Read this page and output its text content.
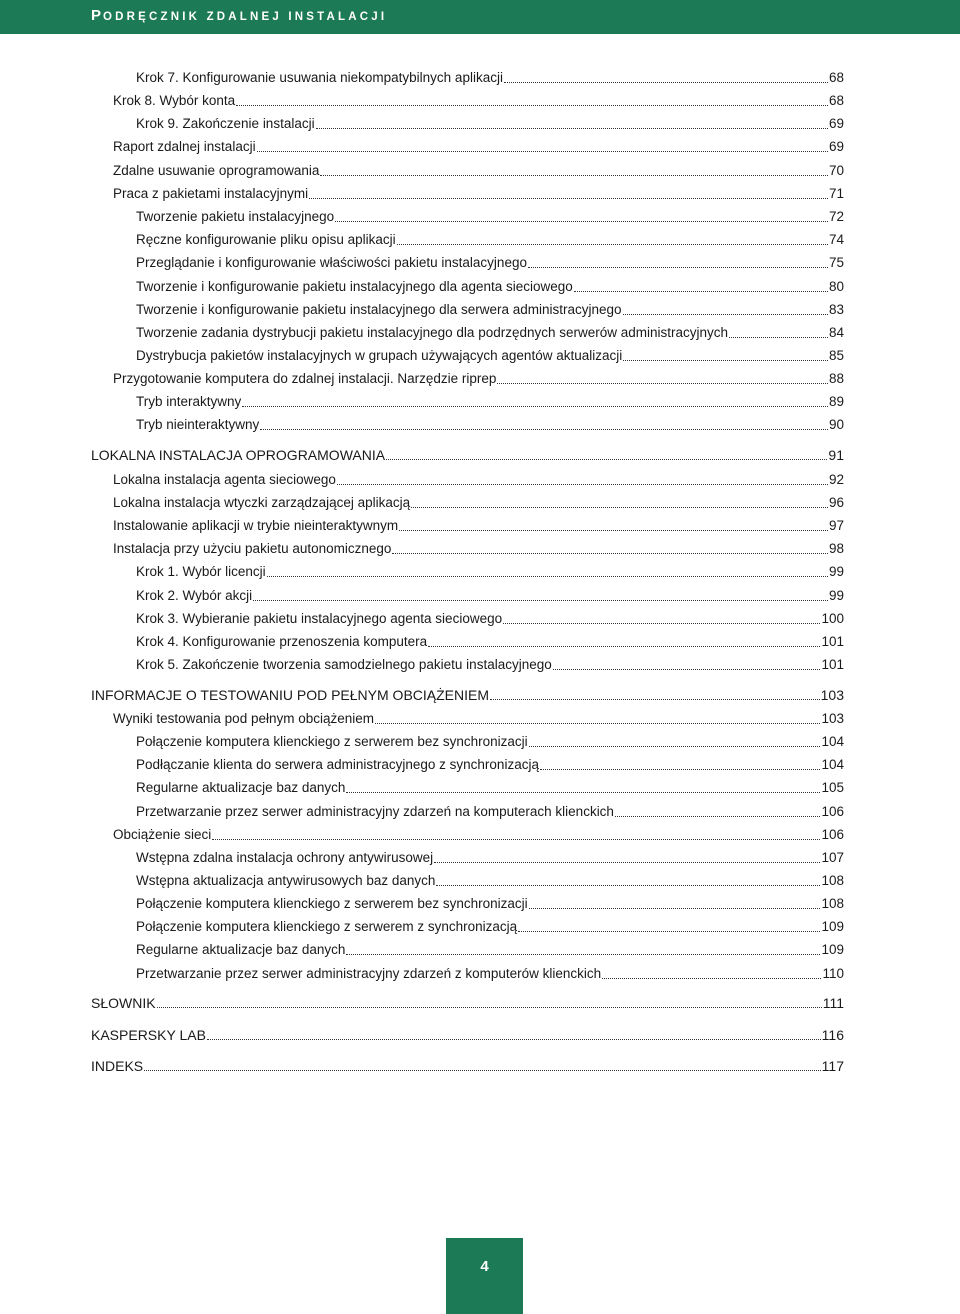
PODRĘCZNIK ZDALNEJ INSTALACJI
Krok 7. Konfigurowanie usuwania niekompatybilnych aplikacji	68
Krok 8. Wybór konta	68
Krok 9. Zakończenie instalacji	69
Raport zdalnej instalacji	69
Zdalne usuwanie oprogramowania	70
Praca z pakietami instalacyjnymi	71
Tworzenie pakietu instalacyjnego	72
Ręczne konfigurowanie pliku opisu aplikacji	74
Przeglądanie i konfigurowanie właściwości pakietu instalacyjnego	75
Tworzenie i konfigurowanie pakietu instalacyjnego dla agenta sieciowego	80
Tworzenie i konfigurowanie pakietu instalacyjnego dla serwera administracyjnego	83
Tworzenie zadania dystrybucji pakietu instalacyjnego dla podrzędnych serwerów administracyjnych	84
Dystrybucja pakietów instalacyjnych w grupach używających agentów aktualizacji	85
Przygotowanie komputera do zdalnej instalacji. Narzędzie riprep	88
Tryb interaktywny	89
Tryb nieinteraktywny	90
LOKALNA INSTALACJA OPROGRAMOWANIA	91
Lokalna instalacja agenta sieciowego	92
Lokalna instalacja wtyczki zarządzającej aplikacją	96
Instalowanie aplikacji w trybie nieinteraktywnym	97
Instalacja przy użyciu pakietu autonomicznego	98
Krok 1. Wybór licencji	99
Krok 2. Wybór akcji	99
Krok 3. Wybieranie pakietu instalacyjnego agenta sieciowego	100
Krok 4. Konfigurowanie przenoszenia komputera	101
Krok 5. Zakończenie tworzenia samodzielnego pakietu instalacyjnego	101
INFORMACJE O TESTOWANIU POD PEŁNYM OBCIĄŻENIEM	103
Wyniki testowania pod pełnym obciążeniem	103
Połączenie komputera klienckiego z serwerem bez synchronizacji	104
Podłączanie klienta do serwera administracyjnego z synchronizacją	104
Regularne aktualizacje baz danych	105
Przetwarzanie przez serwer administracyjny zdarzeń na komputerach klienckich	106
Obciążenie sieci	106
Wstępna zdalna instalacja ochrony antywirusowej	107
Wstępna aktualizacja antywirusowych baz danych	108
Połączenie komputera klienckiego z serwerem bez synchronizacji	108
Połączenie komputera klienckiego z serwerem z synchronizacją	109
Regularne aktualizacje baz danych	109
Przetwarzanie przez serwer administracyjny zdarzeń z komputerów klienckich	110
SŁOWNIK	111
KASPERSKY LAB	116
INDEKS	117
4
